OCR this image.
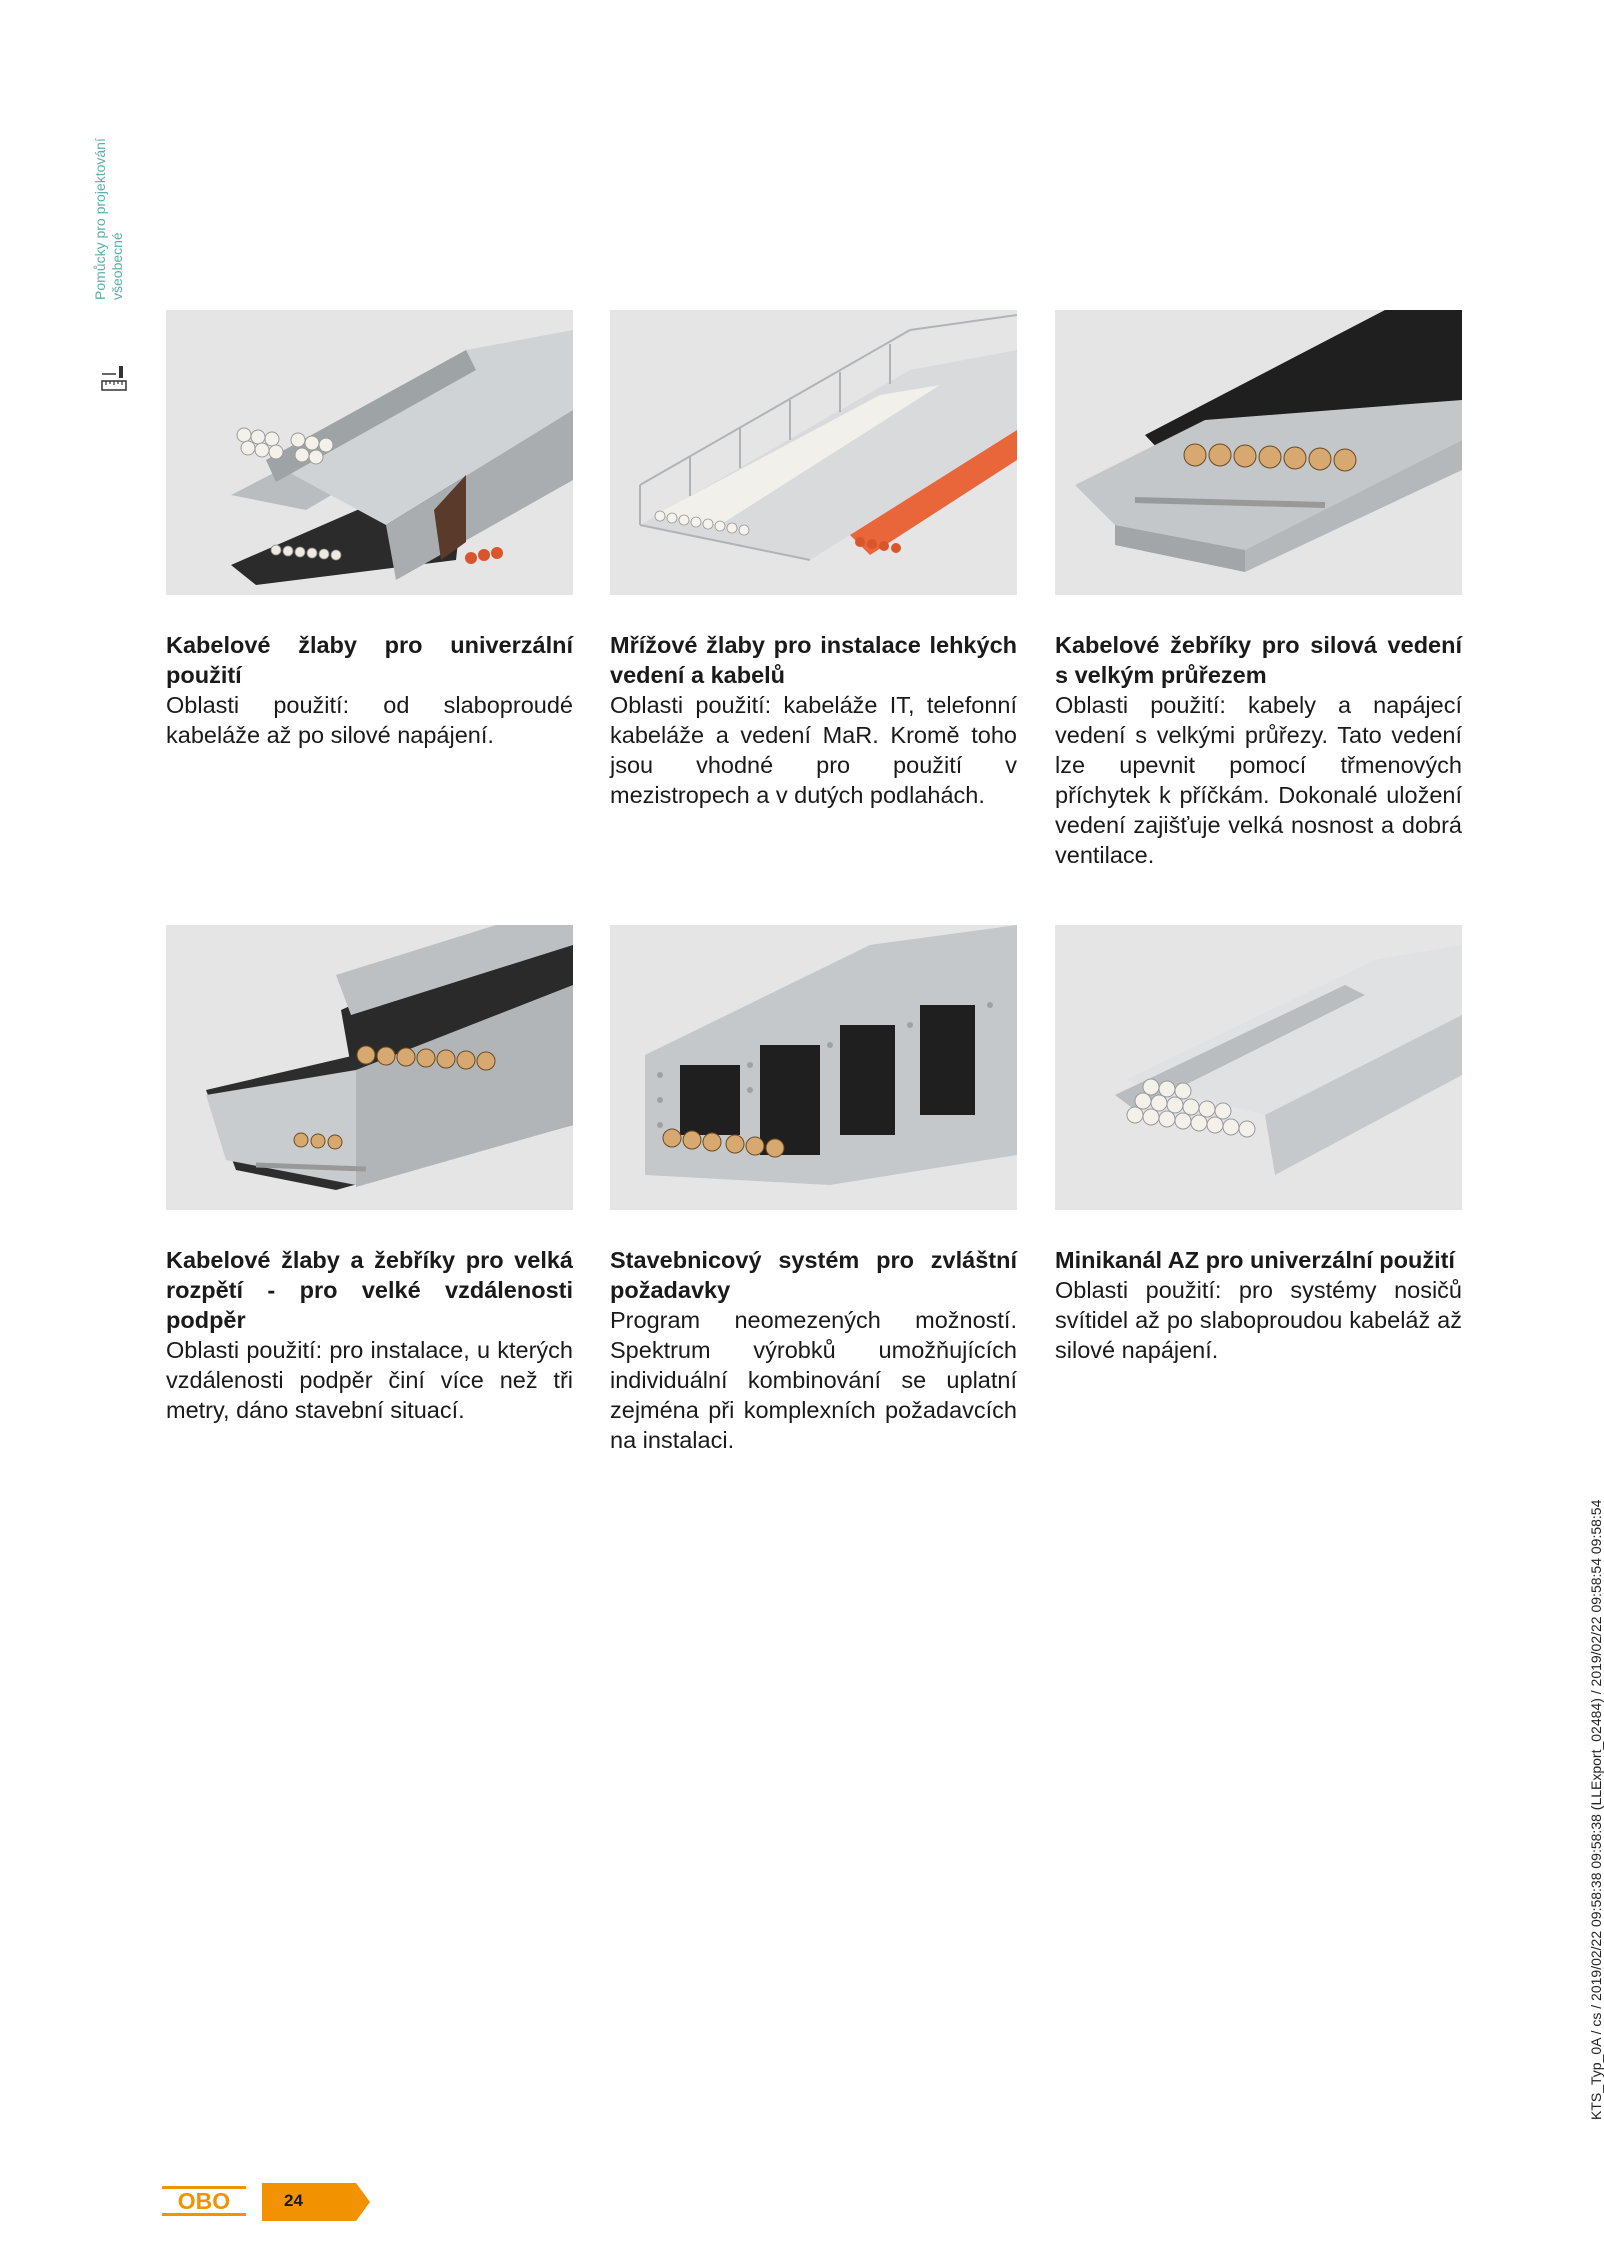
Pomůcky pro projektování všeobecné
Kabelové žlaby pro univerzální použití
Oblasti použití: od slaboproudé kabeláže až po silové napájení.
Mřížové žlaby pro instalace lehkých vedení a kabelů
Oblasti použití: kabeláže IT, telefonní kabeláže a vedení MaR. Kromě toho jsou vhodné pro použití v mezistropech a v dutých podlahách.
Kabelové žebříky pro silová vedení s velkým průřezem
Oblasti použití: kabely a napájecí vedení s velkými průřezy. Tato vedení lze upevnit pomocí třmenových příchytek k příčkám. Dokonalé uložení vedení zajišťuje velká nosnost a dobrá ventilace.
Kabelové žlaby a žebříky pro velká rozpětí - pro velké vzdálenosti podpěr
Oblasti použití: pro instalace, u kterých vzdálenosti podpěr činí více než tři metry, dáno stavební situací.
Stavebnicový systém pro zvláštní požadavky
Program neomezených možností. Spektrum výrobků umožňujících individuální kombinování se uplatní zejména při komplexních požadavcích na instalaci.
Minikanál AZ pro univerzální použití
Oblasti použití: pro systémy nosičů svítidel až po slaboproudou kabeláž až silové napájení.
KTS_Typ_0A / cs / 2019/02/22 09:58:38 09:58:38 (LLExport_02484) / 2019/02/22 09:58:54 09:58:54
OBO	24
